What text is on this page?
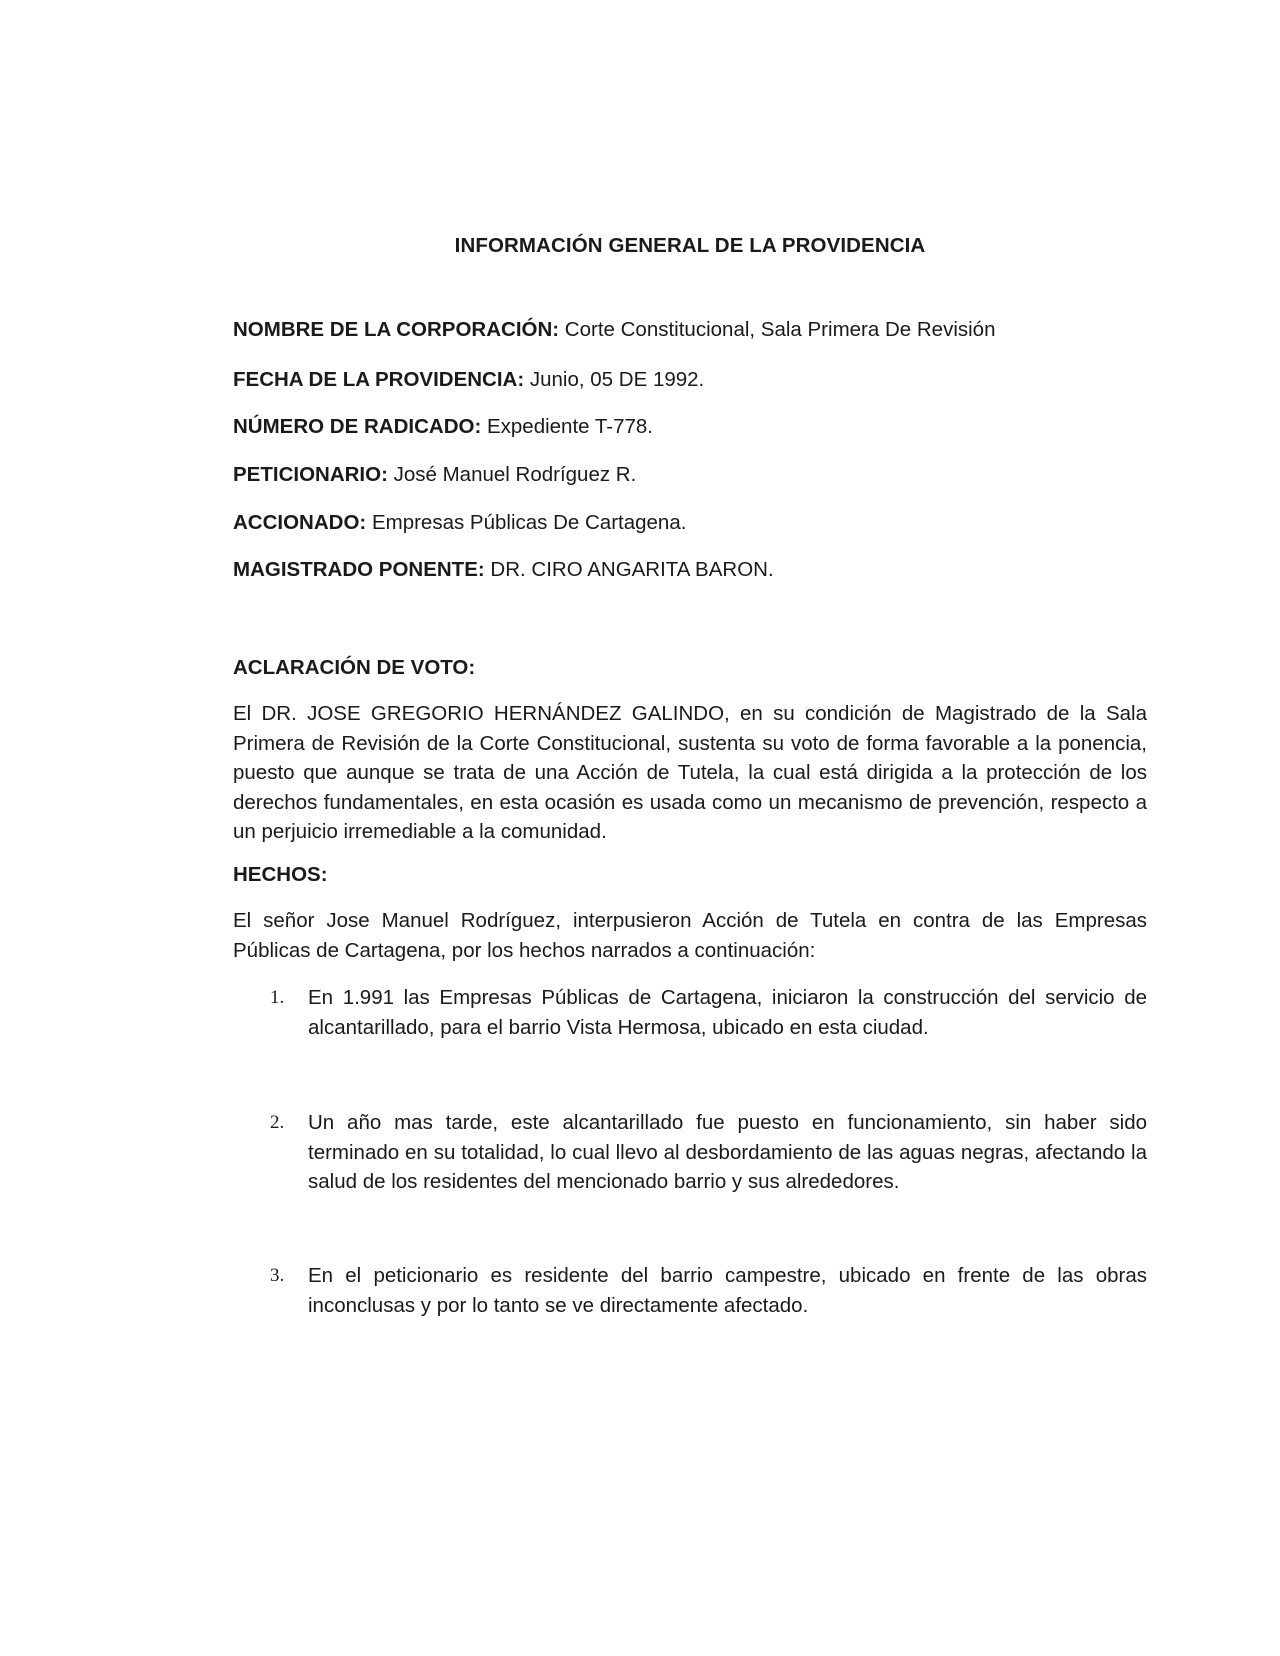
INFORMACIÓN GENERAL DE LA PROVIDENCIA
NOMBRE DE LA CORPORACIÓN: Corte Constitucional, Sala Primera De Revisión
FECHA DE LA PROVIDENCIA: Junio, 05 DE 1992.
NÚMERO DE RADICADO: Expediente T-778.
PETICIONARIO: José Manuel Rodríguez R.
ACCIONADO: Empresas Públicas De Cartagena.
MAGISTRADO PONENTE: DR. CIRO ANGARITA BARON.
ACLARACIÓN DE VOTO:
El DR. JOSE GREGORIO HERNÁNDEZ GALINDO, en su condición de Magistrado de la Sala Primera de Revisión de la Corte Constitucional, sustenta su voto de forma favorable a la ponencia, puesto que aunque se trata de una Acción de Tutela, la cual está dirigida a la protección de los derechos fundamentales, en esta ocasión es usada como un mecanismo de prevención, respecto a un perjuicio irremediable a la comunidad.
HECHOS:
El señor Jose Manuel Rodríguez, interpusieron Acción de Tutela en contra de las Empresas Públicas de Cartagena, por los hechos narrados a continuación:
1. En 1.991 las Empresas Públicas de Cartagena, iniciaron la construcción del servicio de alcantarillado, para el barrio Vista Hermosa, ubicado en esta ciudad.
2. Un año mas tarde, este alcantarillado fue puesto en funcionamiento, sin haber sido terminado en su totalidad, lo cual llevo al desbordamiento de las aguas negras, afectando la salud de los residentes del mencionado barrio y sus alrededores.
3. En el peticionario es residente del barrio campestre, ubicado en frente de las obras inconclusas y por lo tanto se ve directamente afectado.
